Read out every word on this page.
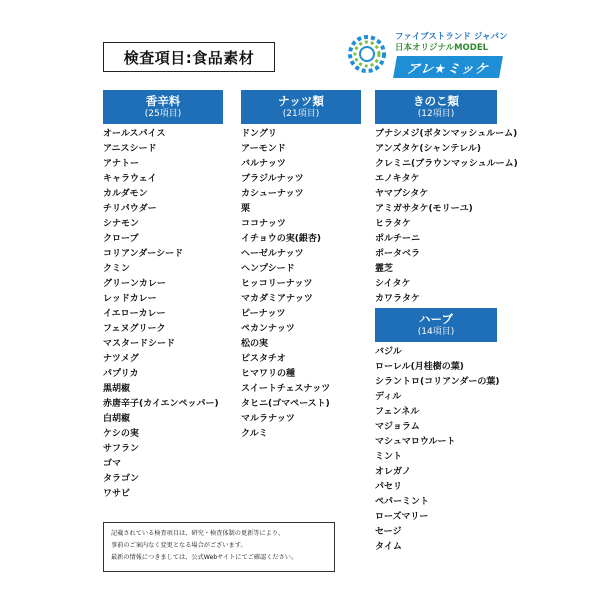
検査項目:食品素材
ファイブストランド ジャパン
日本オリジナルMODEL
アレ★ミッケ
香辛料
(25項目)
オールスパイス
アニスシード
アナトー
キャラウェイ
カルダモン
チリパウダー
シナモン
クローブ
コリアンダーシード
クミン
グリーンカレー
レッドカレー
イエローカレー
フェヌグリーク
マスタードシード
ナツメグ
パプリカ
黒胡椒
赤唐辛子(カイエンペッパー)
白胡椒
ケシの実
サフラン
ゴマ
タラゴン
ワサビ
ナッツ類
(21項目)
ドングリ
アーモンド
バルナッツ
ブラジルナッツ
カシューナッツ
栗
ココナッツ
イチョウの実(銀杏)
ヘーゼルナッツ
ヘンプシード
ヒッコリーナッツ
マカダミアナッツ
ピーナッツ
ペカンナッツ
松の実
ピスタチオ
ヒマワリの種
スイートチェスナッツ
タヒニ(ゴマペースト)
マルラナッツ
クルミ
きのこ類
(12項目)
ブナシメジ(ボタンマッシュルーム)
アンズタケ(シャンテレル)
クレミニ(ブラウンマッシュルーム)
エノキタケ
ヤマブシタケ
アミガサタケ(モリーユ)
ヒラタケ
ポルチーニ
ポータベラ
霊芝
シイタケ
カワラタケ
ハーブ
(14項目)
バジル
ローレル(月桂樹の葉)
シラントロ(コリアンダーの葉)
ディル
フェンネル
マジョラム
マシュマロウルート
ミント
オレガノ
パセリ
ペパーミント
ローズマリー
セージ
タイム

記載されている検査項目は、研究・検査体制の更新等により、

事前のご案内なく変更となる場合がございます。

最新の情報につきましては、公式Webサイトにてご確認ください。
